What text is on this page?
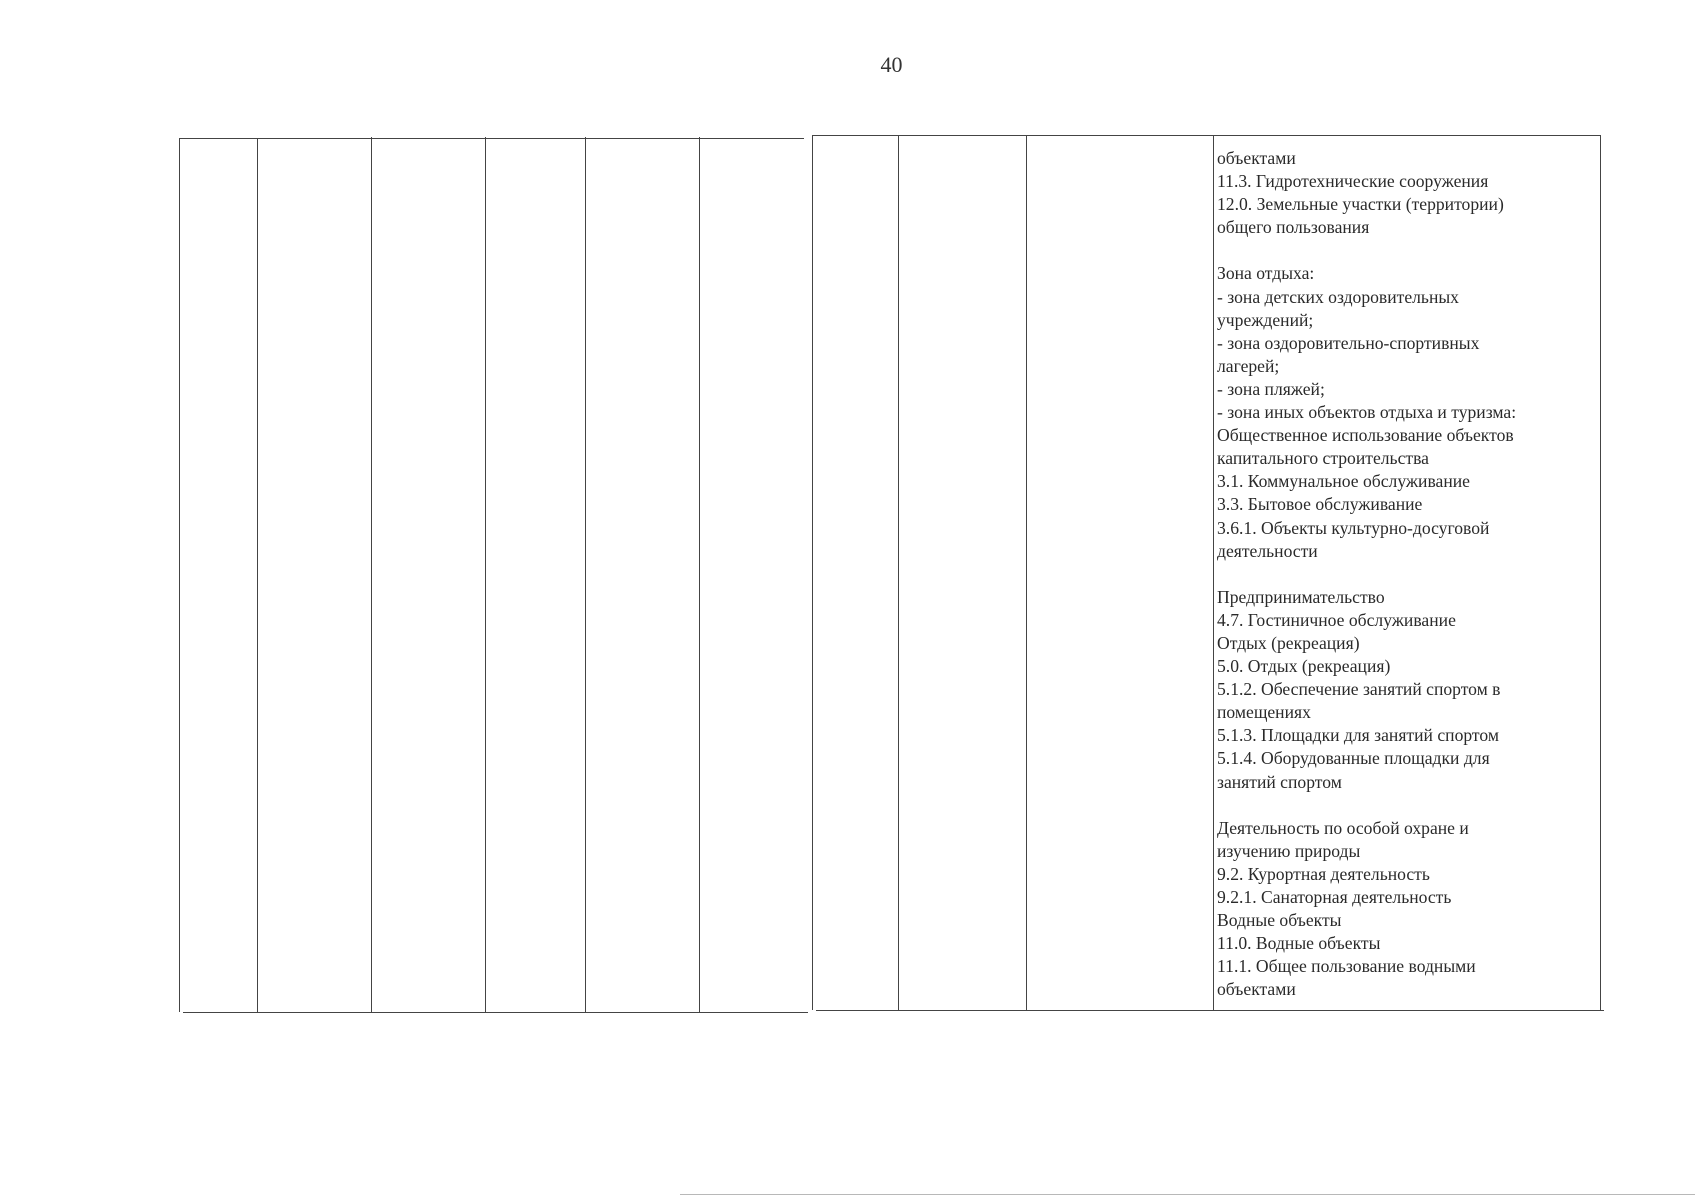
40
объектами
11.3. Гидротехнические сооружения
12.0. Земельные участки (территории)
общего пользования
Зона отдыха:
- зона детских оздоровительных
учреждений;
- зона оздоровительно-спортивных
лагерей;
- зона пляжей;
- зона иных объектов отдыха и туризма:
Общественное использование объектов
капитального строительства
3.1. Коммунальное обслуживание
3.3. Бытовое обслуживание
3.6.1. Объекты культурно-досуговой
деятельности
Предпринимательство
4.7. Гостиничное обслуживание
Отдых (рекреация)
5.0. Отдых (рекреация)
5.1.2. Обеспечение занятий спортом в
помещениях
5.1.3. Площадки для занятий спортом
5.1.4. Оборудованные площадки для
занятий спортом
Деятельность по особой охране и
изучению природы
9.2. Курортная деятельность
9.2.1. Санаторная деятельность
Водные объекты
11.0. Водные объекты
11.1. Общее пользование водными
объектами
